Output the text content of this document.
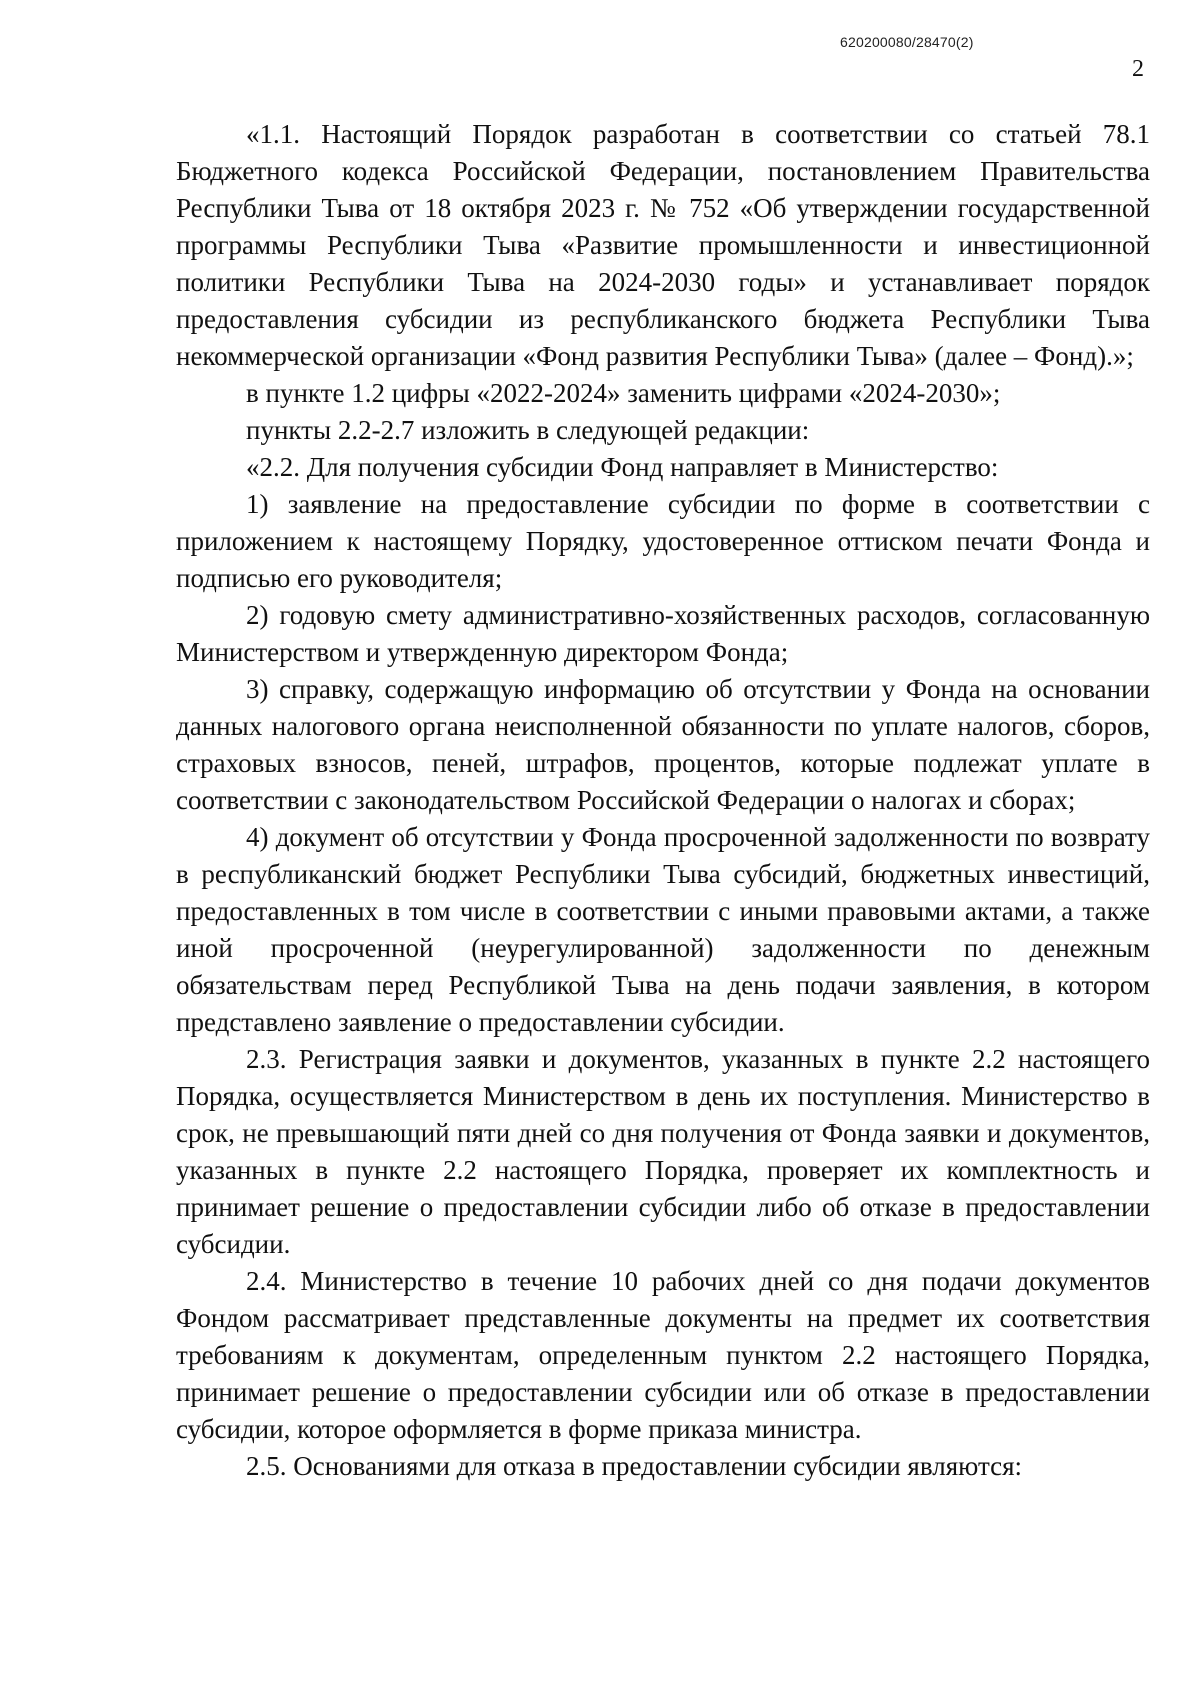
620200080/28470(2)
2

«1.1. Настоящий Порядок разработан в соответствии со статьей 78.1 Бюджетного кодекса Российской Федерации, постановлением Правительства Республики Тыва от 18 октября 2023 г. № 752 «Об утверждении государственной программы Республики Тыва «Развитие промышленности и инвестиционной политики Республики Тыва на 2024-2030 годы» и устанавливает порядок предоставления субсидии из республиканского бюджета Республики Тыва некоммерческой организации «Фонд развития Республики Тыва» (далее – Фонд).»;

в пункте 1.2 цифры «2022-2024» заменить цифрами «2024-2030»;

пункты 2.2-2.7 изложить в следующей редакции:

«2.2. Для получения субсидии Фонд направляет в Министерство:

1) заявление на предоставление субсидии по форме в соответствии с приложением к настоящему Порядку, удостоверенное оттиском печати Фонда и подписью его руководителя;

2) годовую смету административно-хозяйственных расходов, согласованную Министерством и утвержденную директором Фонда;

3) справку, содержащую информацию об отсутствии у Фонда на основании данных налогового органа неисполненной обязанности по уплате налогов, сборов, страховых взносов, пеней, штрафов, процентов, которые подлежат уплате в соответствии с законодательством Российской Федерации о налогах и сборах;

4) документ об отсутствии у Фонда просроченной задолженности по возврату в республиканский бюджет Республики Тыва субсидий, бюджетных инвестиций, предоставленных в том числе в соответствии с иными правовыми актами, а также иной просроченной (неурегулированной) задолженности по денежным обязательствам перед Республикой Тыва на день подачи заявления, в котором представлено заявление о предоставлении субсидии.

2.3. Регистрация заявки и документов, указанных в пункте 2.2 настоящего Порядка, осуществляется Министерством в день их поступления. Министерство в срок, не превышающий пяти дней со дня получения от Фонда заявки и документов, указанных в пункте 2.2 настоящего Порядка, проверяет их комплектность и принимает решение о предоставлении субсидии либо об отказе в предоставлении субсидии.

2.4. Министерство в течение 10 рабочих дней со дня подачи документов Фондом рассматривает представленные документы на предмет их соответствия требованиям к документам, определенным пунктом 2.2 настоящего Порядка, принимает решение о предоставлении субсидии или об отказе в предоставлении субсидии, которое оформляется в форме приказа министра.

2.5. Основаниями для отказа в предоставлении субсидии являются:
